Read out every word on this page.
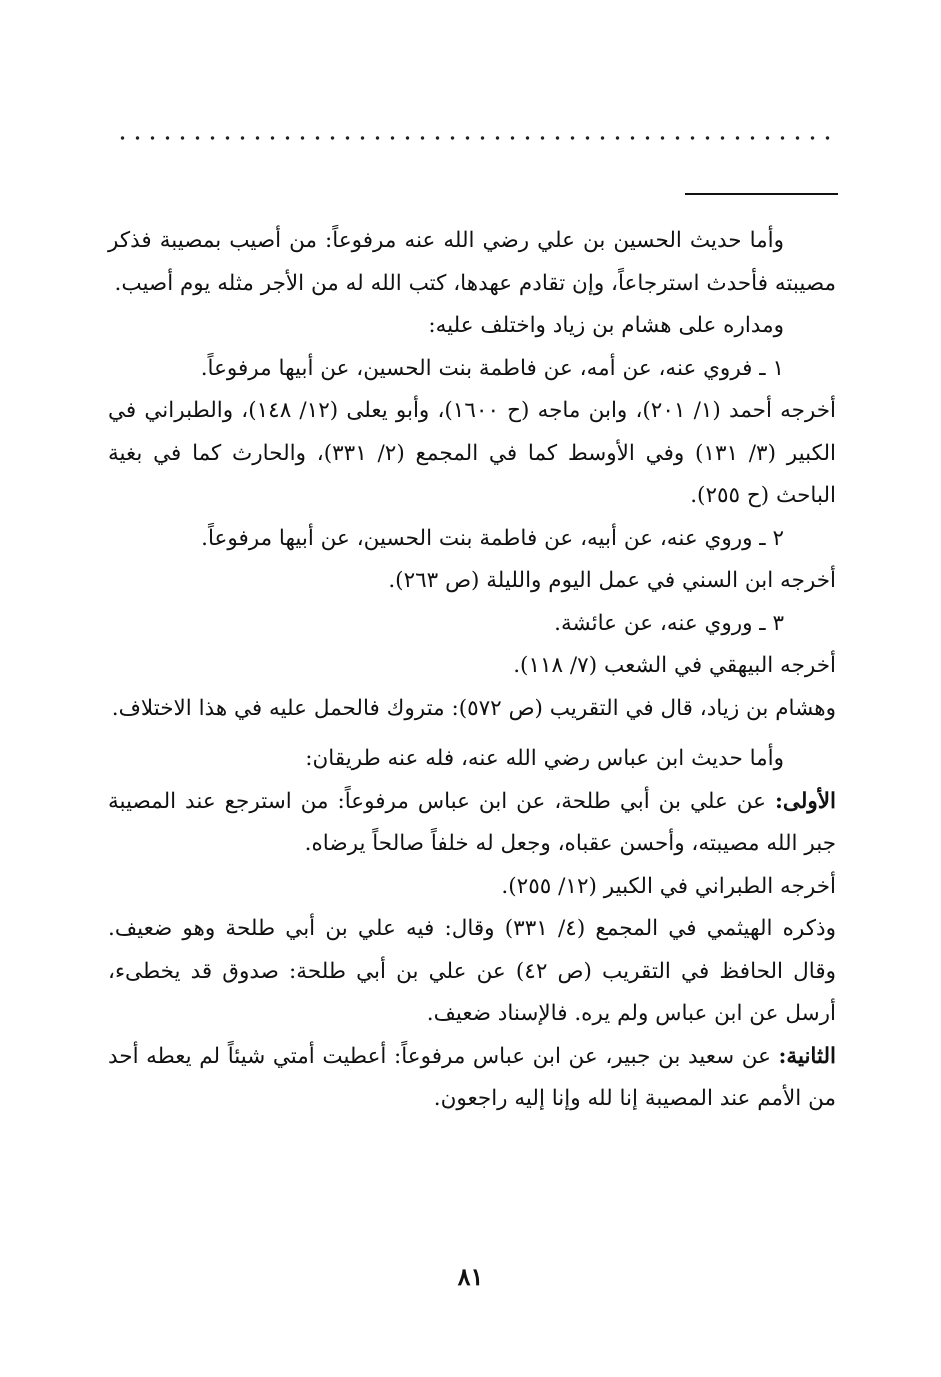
وأما حديث الحسين بن علي رضي الله عنه مرفوعاً: من أصيب بمصيبة فذكر مصيبته فأحدث استرجاعاً، وإن تقادم عهدها، كتب الله له من الأجر مثله يوم أصيب.

ومداره على هشام بن زياد واختلف عليه:

١ ـ فروي عنه، عن أمه، عن فاطمة بنت الحسين، عن أبيها مرفوعاً.

أخرجه أحمد (١/ ٢٠١)، وابن ماجه (ح ١٦٠٠)، وأبو يعلى (١٢/ ١٤٨)، والطبراني في الكبير (٣/ ١٣١) وفي الأوسط كما في المجمع (٢/ ٣٣١)، والحارث كما في بغية الباحث (ح ٢٥٥).

٢ ـ وروي عنه، عن أبيه، عن فاطمة بنت الحسين، عن أبيها مرفوعاً.

أخرجه ابن السني في عمل اليوم والليلة (ص ٢٦٣).

٣ ـ وروي عنه، عن عائشة.

أخرجه البيهقي في الشعب (٧/ ١١٨).

وهشام بن زياد، قال في التقريب (ص ٥٧٢): متروك فالحمل عليه في هذا الاختلاف.

وأما حديث ابن عباس رضي الله عنه، فله عنه طريقان:

الأولى: عن علي بن أبي طلحة، عن ابن عباس مرفوعاً: من استرجع عند المصيبة جبر الله مصيبته، وأحسن عقباه، وجعل له خلفاً صالحاً يرضاه.

أخرجه الطبراني في الكبير (١٢/ ٢٥٥).

وذكره الهيثمي في المجمع (٤/ ٣٣١) وقال: فيه علي بن أبي طلحة وهو ضعيف. وقال الحافظ في التقريب (ص ٤٢) عن علي بن أبي طلحة: صدوق قد يخطىء، أرسل عن ابن عباس ولم يره. فالإسناد ضعيف.

الثانية: عن سعيد بن جبير، عن ابن عباس مرفوعاً: أعطيت أمتي شيئاً لم يعطه أحد من الأمم عند المصيبة إنا لله وإنا إليه راجعون.

٨١
